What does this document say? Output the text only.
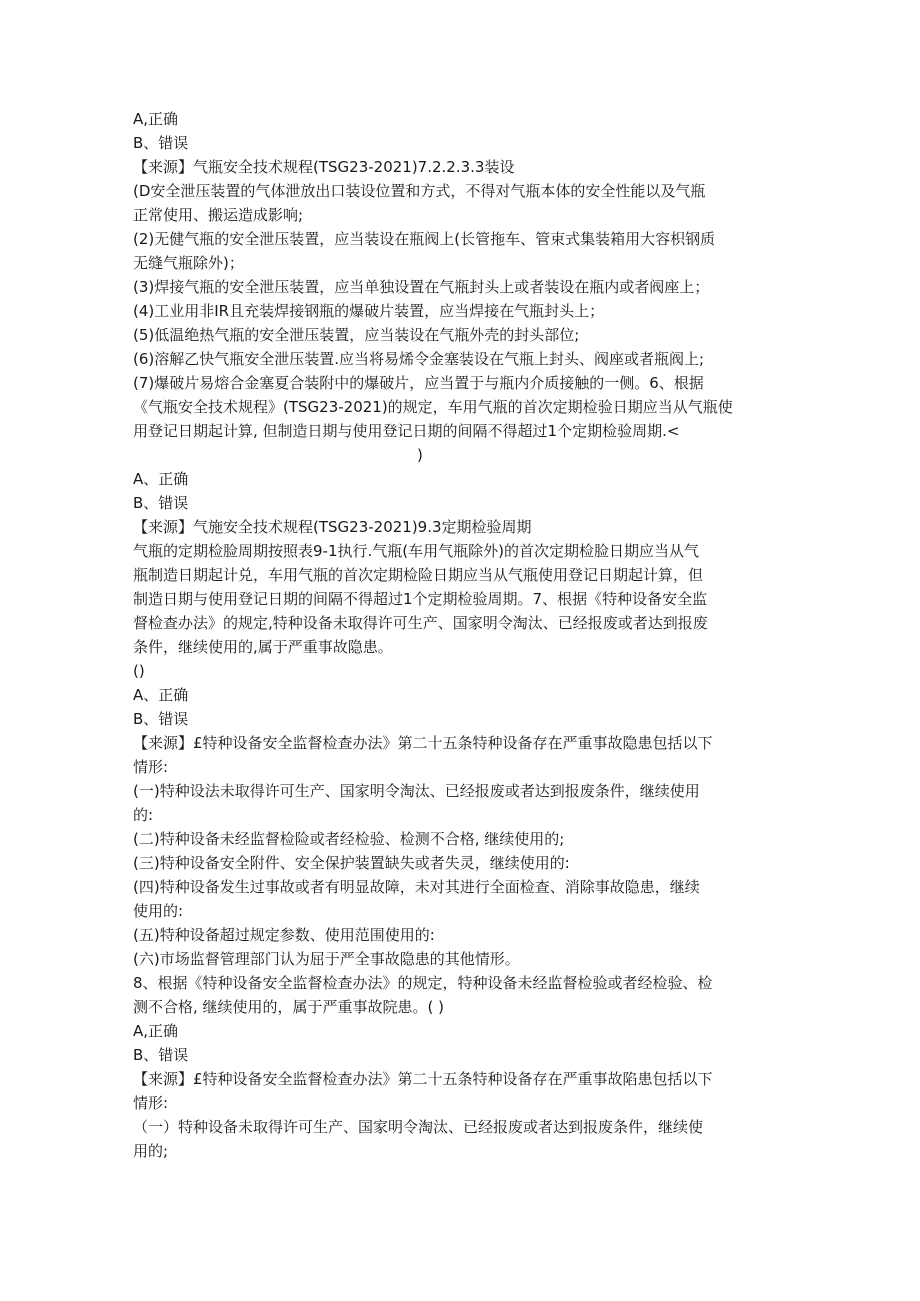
A,正确
B、错误
【来源】气瓶安全技术规程(TSG23-2021)7.2.2.3.3装设
(D安全泄压装置的气体泄放出口装设位置和方式，不得对气瓶本体的安全性能以及气瓶
正常使用、搬运造成影响;
(2)无健气瓶的安全泄压装置，应当装设在瓶阀上(长管拖车、管束式集装箱用大容枳钢质
无缝气瓶除外)；
(3)焊接气瓶的安全泄压装置，应当单独设置在气瓶封头上或者装设在瓶内或者阀座上；
(4)工业用非IR且充装焊接钢瓶的爆破片装置，应当焊接在气瓶封头上；
(5)低温绝热气瓶的安全泄压装置，应当装设在气瓶外壳的封头部位;
(6)溶解乙快气瓶安全泄压装置.应当将易烯令金塞装设在气瓶上封头、阀座或者瓶阀上;
(7)爆破片易熔合金塞夏合装附中的爆破片，应当置于与瓶内介质接触的一侧。6、根据
《气瓶安全技术规程》(TSG23-2021)的规定，车用气瓶的首次定期检验日期应当从气瓶使
用登记日期起计算, 但制造日期与使用登记日期的间隔不得超过1个定期检验周期.<
)
A、正确
B、错误
【来源】气施安全技术规程(TSG23-2021)9.3定期检验周期
气瓶的定期检脸周期按照表9-1执行.气瓶(车用气瓶除外)的首次定期检脸日期应当从气
瓶制造日期起计兑，车用气瓶的首次定期检险日期应当从气瓶使用登记日期起计算，但
制造日期与使用登记日期的间隔不得超过1个定期检验周期。7、根据《特种设备安全监
督检查办法》的规定,特种设备未取得许可生产、国家明令淘汰、已经报废或者达到报废
条件，继续使用的,属于严重事故隐患。
()
A、正确
B、错误
【来源】£特种设备安全监督检查办法》第二十五条特种设备存在严重事故隐患包括以下
情形:
(一)特种设法未取得许可生产、国家明令淘汰、已经报废或者达到报废条件，继续使用
的:
(二)特种设备未经监督检险或者经检验、检测不合格, 继续使用的;
(三)特种设备安全附件、安全保护装置缺失或者失灵，继续使用的:
(四)特种设备发生过事故或者有明显故障，未对其进行全面检查、消除事故隐患，继续
使用的:
(五)特种设备超过规定参数、使用范围使用的:
(六)市场监督管理部门认为屈于严全事故隐患的其他情形。
8、根据《特种设备安全监督检查办法》的规定，特种设备未经监督检验或者经检验、检
测不合格, 继续使用的，属于严重事故院患。( )
A,正确
B、错误
【来源】£特种设备安全监督检查办法》第二十五条特种设备存在严重事故陷患包括以下
情形:
（一）特种设备未取得许可生产、国家明令淘汰、已经报废或者达到报废条件，继续使
用的;
